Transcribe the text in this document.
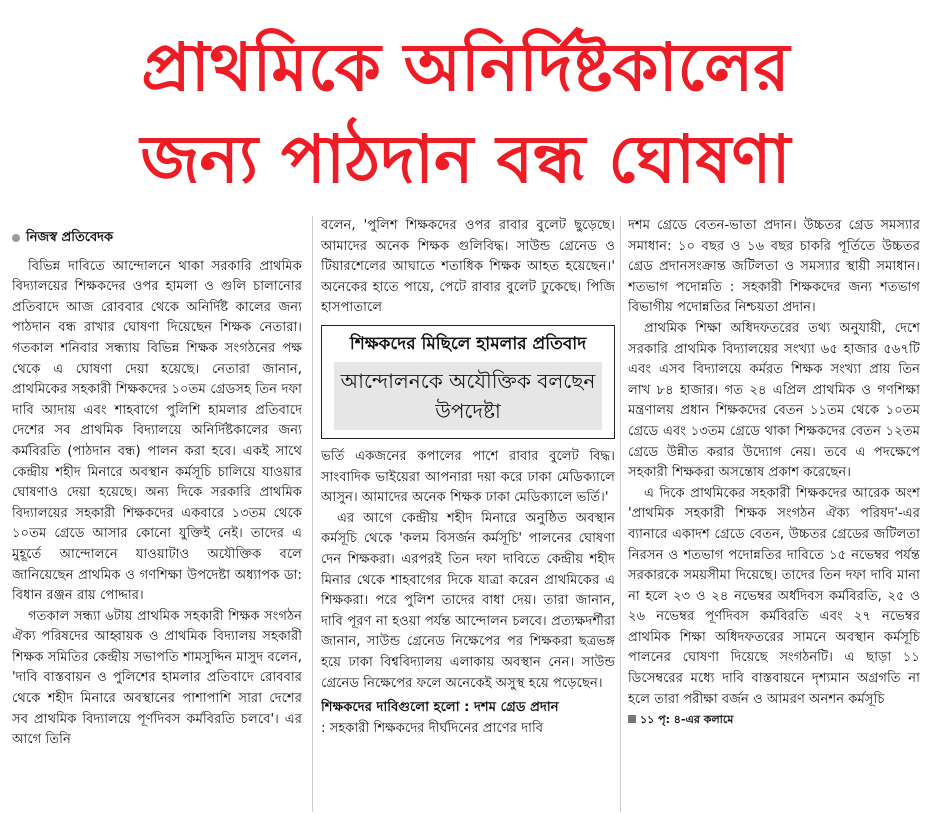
প্রাথমিকে অনির্দিষ্টকালের
জন্য পাঠদান বন্ধ ঘোষণা
নিজস্ব প্রতিবেদক

বিভিন্ন দাবিতে আন্দোলনে থাকা সরকারি প্রাথমিক বিদ্যালয়ের শিক্ষকদের ওপর হামলা ও গুলি চালানোর প্রতিবাদে আজ রোববার থেকে অনির্দিষ্ট কালের জন্য পাঠদান বন্ধ রাখার ঘোষণা দিয়েছেন শিক্ষক নেতারা। গতকাল শনিবার সন্ধ্যায় বিভিন্ন শিক্ষক সংগঠনের পক্ষ থেকে এ ঘোষণা দেয়া হয়েছে। নেতারা জানান, প্রাথমিকের সহকারী শিক্ষকদের ১০তম গ্রেডসহ তিন দফা দাবি আদায় এবং শাহবাগে পুলিশি হামলার প্রতিবাদে দেশের সব প্রাথমিক বিদ্যালয়ে অনির্দিষ্টকালের জন্য কর্মবিরতি (পাঠদান বন্ধ) পালন করা হবে। একই সাথে কেন্দ্রীয় শহীদ মিনারে অবস্থান কর্মসূচি চালিয়ে যাওয়ার ঘোষণাও দেয়া হয়েছে। অন্য দিকে সরকারি প্রাথমিক বিদ্যালয়ের সহকারী শিক্ষকদের একবারে ১৩তম থেকে ১০তম গ্রেডে আসার কোনো যুক্তিই নেই। তাদের এ মুহূর্তে আন্দোলনে যাওয়াটাও অযৌক্তিক বলে জানিয়েছেন প্রাথমিক ও গণশিক্ষা উপদেষ্টা অধ্যাপক ডা: বিধান রঞ্জন রায় পোদ্দার।

গতকাল সন্ধ্যা ৬টায় প্রাথমিক সহকারী শিক্ষক সংগঠন ঐক্য পরিষদের আহ্বায়ক ও প্রাথমিক বিদ্যালয় সহকারী শিক্ষক সমিতির কেন্দ্রীয় সভাপতি শামসুদ্দিন মাসুদ বলেন, 'দাবি বাস্তবায়ন ও পুলিশের হামলার প্রতিবাদে রোববার থেকে শহীদ মিনারে অবস্থানের পাশাপাশি সারা দেশের সব প্রাথমিক বিদ্যালয়ে পূর্ণদিবস কর্মবিরতি চলবে'। এর আগে তিনি

বলেন, 'পুলিশ শিক্ষকদের ওপর রাবার বুলেট ছুড়েছে। আমাদের অনেক শিক্ষক গুলিবিদ্ধ। সাউন্ড গ্রেনেড ও টিয়ারশেলের আঘাতে শতাধিক শিক্ষক আহত হয়েছেন।' অনেকের হাতে পায়ে, পেটে রাবার বুলেট ঢুকেছে। পিজি হাসপাতালে

শিক্ষকদের মিছিলে হামলার প্রতিবাদ
আন্দোলনকে অযৌক্তিক বলছেন উপদেষ্টা

ভর্তি একজনের কপালের পাশে রাবার বুলেট বিদ্ধ। সাংবাদিক ভাইয়েরা আপনারা দয়া করে ঢাকা মেডিক্যালে আসুন। আমাদের অনেক শিক্ষক ঢাকা মেডিক্যালে ভর্তি।'

এর আগে কেন্দ্রীয় শহীদ মিনারে অনুষ্ঠিত অবস্থান কর্মসূচি থেকে 'কলম বিসর্জন কর্মসূচি' পালনের ঘোষণা দেন শিক্ষকরা। এরপরই তিন দফা দাবিতে কেন্দ্রীয় শহীদ মিনার থেকে শাহবাগের দিকে যাত্রা করেন প্রাথমিকের এ শিক্ষকরা। পরে পুলিশ তাদের বাধা দেয়। তারা জানান, দাবি পূরণ না হওয়া পর্যন্ত আন্দোলন চলবে। প্রত্যক্ষদর্শীরা জানান, সাউন্ড গ্রেনেড নিক্ষেপের পর শিক্ষকরা ছত্রভঙ্গ হয়ে ঢাকা বিশ্ববিদ্যালয় এলাকায় অবস্থান নেন। সাউন্ড গ্রেনেড নিক্ষেপের ফলে অনেকেই অসুস্থ হয়ে পড়েছেন।

শিক্ষকদের দাবিগুলো হলো : দশম গ্রেড প্রদান

: সহকারী শিক্ষকদের দীর্ঘদিনের প্রাণের দাবি

দশম গ্রেডে বেতন-ভাতা প্রদান। উচ্চতর গ্রেড সমস্যার সমাধান: ১০ বছর ও ১৬ বছর চাকরি পূর্তিতে উচ্চতর গ্রেড প্রদানসংক্রান্ত জটিলতা ও সমস্যার স্থায়ী সমাধান। শতভাগ পদোন্নতি : সহকারী শিক্ষকদের জন্য শতভাগ বিভাগীয় পদোন্নতির নিশ্চয়তা প্রদান।

প্রাথমিক শিক্ষা অধিদফতরের তথ্য অনুযায়ী, দেশে সরকারি প্রাথমিক বিদ্যালয়ের সংখ্যা ৬৫ হাজার ৫৬৭টি এবং এসব বিদ্যালয়ে কর্মরত শিক্ষক সংখ্যা প্রায় তিন লাখ ৮৪ হাজার। গত ২৪ এপ্রিল প্রাথমিক ও গণশিক্ষা মন্ত্রণালয় প্রধান শিক্ষকদের বেতন ১১তম থেকে ১০তম গ্রেডে এবং ১৩তম গ্রেডে থাকা শিক্ষকদের বেতন ১২তম গ্রেডে উন্নীত করার উদ্যোগ নেয়। তবে এ পদক্ষেপে সহকারী শিক্ষকরা অসন্তোষ প্রকাশ করেছেন।

এ দিকে প্রাথমিকের সহকারী শিক্ষকদের আরেক অংশ 'প্রাথমিক সহকারী শিক্ষক সংগঠন ঐক্য পরিষদ'-এর ব্যানারে একাদশ গ্রেডে বেতন, উচ্চতর গ্রেডের জটিলতা নিরসন ও শতভাগ পদোন্নতির দাবিতে ১৫ নভেম্বর পর্যন্ত সরকারকে সময়সীমা দিয়েছে। তাদের তিন দফা দাবি মানা না হলে ২৩ ও ২৪ নভেম্বর অর্ধদিবস কর্মবিরতি, ২৫ ও ২৬ নভেম্বর পূর্ণদিবস কর্মবিরতি এবং ২৭ নভেম্বর প্রাথমিক শিক্ষা অধিদফতরের সামনে অবস্থান কর্মসূচি পালনের ঘোষণা দিয়েছে সংগঠনটি। এ ছাড়া ১১ ডিসেম্বরের মধ্যে দাবি বাস্তবায়নে দৃশ্যমান অগ্রগতি না হলে তারা পরীক্ষা বর্জন ও আমরণ অনশন কর্মসূচি

১১ পৃ: ৪-এর কলামে
